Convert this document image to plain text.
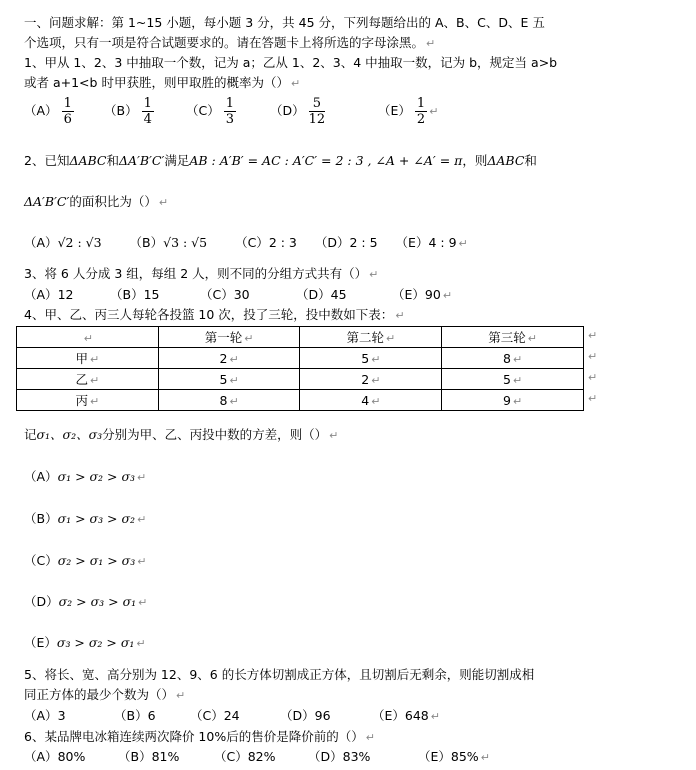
一、问题求解：第 1~15 小题，每小题 3 分，共 45 分，下列每题给出的 A、B、C、D、E 五
个选项，只有一项是符合试题要求的。请在答题卡上将所选的字母涂黑。 ↵
1、甲从 1、2、3 中抽取一个数，记为 a；乙从 1、2、3、4 中抽取一数，记为 b，规定当 a>b
或者 a+1<b 时甲获胜，则甲取胜的概率为（） ↵
$(A) \frac{1}{6} (B) \frac{1}{4}$	$(C) \frac{1}{3}$	$(D) \frac{5}{12}$	$(E) \frac{1}{2}$ ↵
2、已知ΔABC和ΔA′B′C′满足AB : A′B′ = AC : A′C′ = 2 : 3 , ∠A + ∠A′ = π，则ΔABC和
ΔA′B′C′的面积比为（） ↵
（A）√2 : √3 （B）√3 : √5 （C）2 : 3 （D）2 : 5 （E）4 : 9 ↵
3、将 6 人分成 3 组，每组 2 人，则不同的分组方式共有（） ↵
（A）12	（B）15	（C）30	（D）45	（E）90 ↵
4、甲、乙、丙三人每轮各投篮 10 次，投了三轮，投中数如下表： ↵
↵	第一轮 ↵	第二轮 ↵	第三轮 ↵
甲 ↵	2 ↵	5 ↵	8 ↵
乙 ↵	5 ↵	2 ↵	5 ↵
丙 ↵	8 ↵	4 ↵	9 ↵
↵
↵
↵
↵
记σ₁、σ₂、σ₃分别为甲、乙、丙投中数的方差，则（） ↵
（A）σ₁ > σ₂ > σ₃ ↵
（B）σ₁ > σ₃ > σ₂ ↵
（C）σ₂ > σ₁ > σ₃ ↵
（D）σ₂ > σ₃ > σ₁ ↵
（E）σ₃ > σ₂ > σ₁ ↵
5、将长、宽、高分别为 12、9、6 的长方体切割成正方体，且切割后无剩余，则能切割成相
同正方体的最少个数为（） ↵
（A）3	（B）6	（C）24	（D）96	（E）648 ↵
6、某品牌电冰箱连续两次降价 10%后的售价是降价前的（） ↵
（A）80%	（B）81%	（C）82%	（D）83%	（E）85% ↵
